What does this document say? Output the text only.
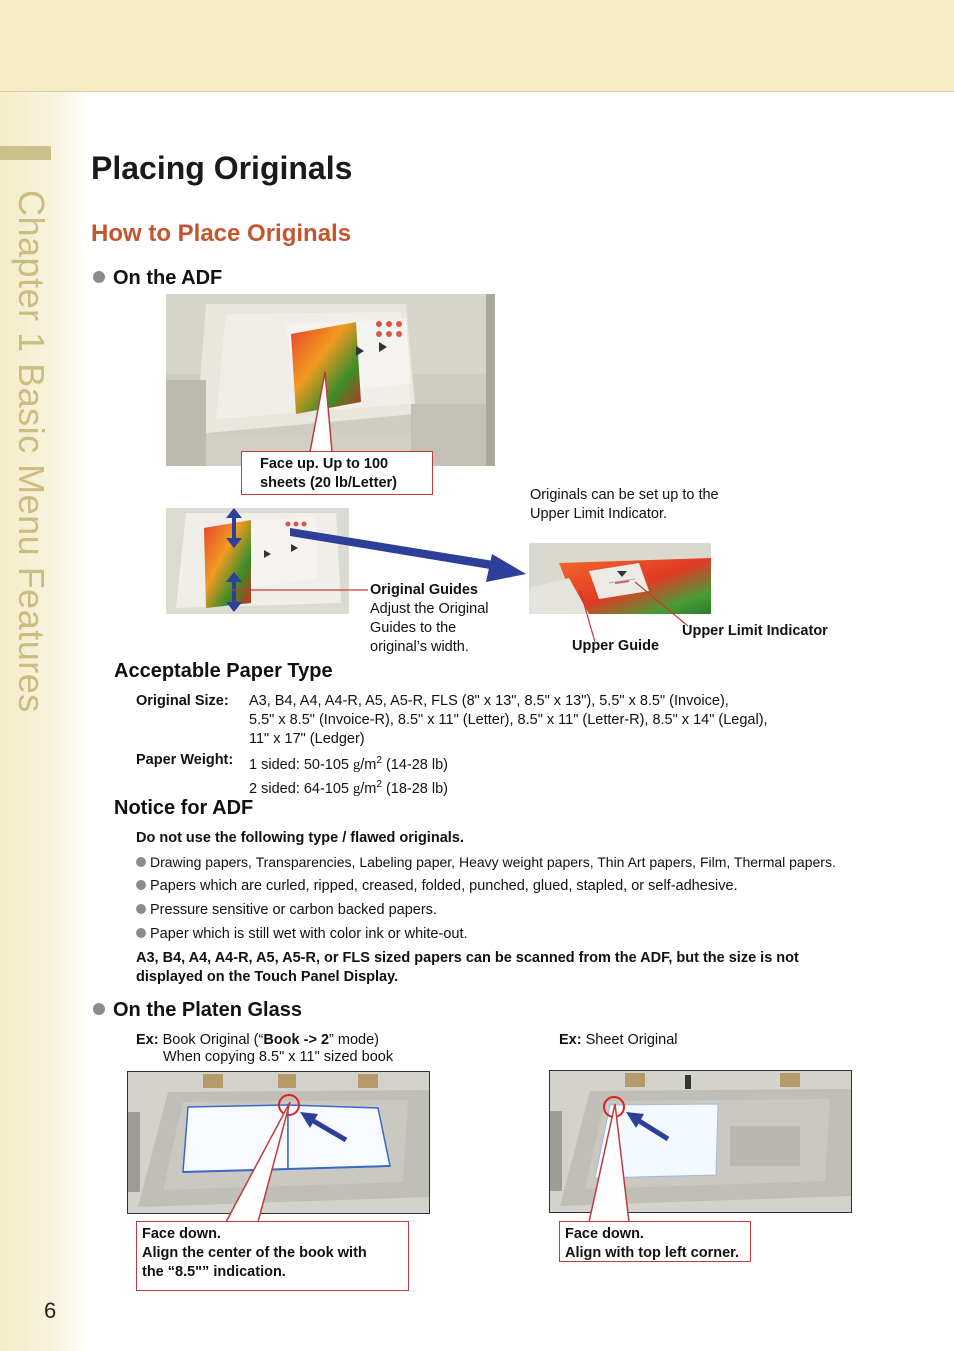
Chapter 1 Basic Menu Features
6
Placing Originals
How to Place Originals
On the ADF
Face up. Up to 100
sheets (20 lb/Letter)
Originals can be set up to the
Upper Limit Indicator.
Original Guides
Adjust the Original
Guides to the
original’s width.	Upper Guide
Upper Limit Indicator
Acceptable Paper Type
Original Size: A3, B4, A4, A4-R, A5, A5-R, FLS (8" x 13", 8.5" x 13"), 5.5" x 8.5" (Invoice),
5.5" x 8.5" (Invoice-R), 8.5" x 11" (Letter), 8.5" x 11" (Letter-R), 8.5" x 14" (Legal),
11" x 17" (Ledger)
Paper Weight: 1 sided: 50-105 $g/m^2$ (14-28 lb)
2 sided: 64-105 $g/m^2$ (18-28 lb)
Notice for ADF
Do not use the following type / flawed originals.
Drawing papers, Transparencies, Labeling paper, Heavy weight papers, Thin Art papers, Film, Thermal papers.
Papers which are curled, ripped, creased, folded, punched, glued, stapled, or self-adhesive.
Pressure sensitive or carbon backed papers.
Paper which is still wet with color ink or white-out.
A3, B4, A4, A4-R, A5, A5-R, or FLS sized papers can be scanned from the ADF, but the size is not
displayed on the Touch Panel Display.
On the Platen Glass
Ex: Book Original (“Book -> 2” mode)
When copying 8.5" x 11" sized book
Ex: Sheet Original
Face down.
Align the center of the book with
the “8.5"” indication.
Face down.
Align with top left corner.
